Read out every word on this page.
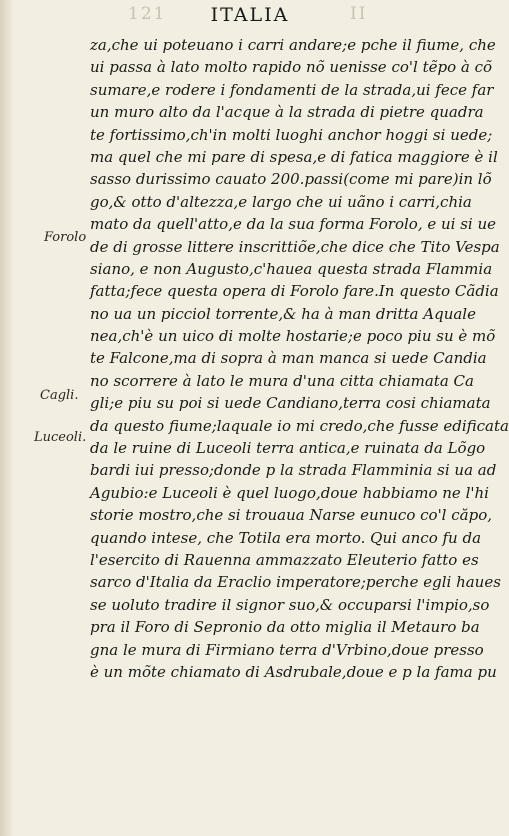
121 ITALIA	II
Forolo
Cagli.
Luceoli.
za,che ui poteuano i carri andare;e pche il fiume, che
ui passa à lato molto rapido nõ uenisse co'l tẽpo à cõ
sumare,e rodere i fondamenti de la strada,ui fece far
un muro alto da l'acque à la strada di pietre quadra
te fortissimo,ch'in molti luoghi anchor hoggi si uede;
ma quel che mi pare di spesa,e di fatica maggiore è il
sasso durissimo cauato 200.passi(come mi pare)in lõ
go,& otto d'altezza,e largo che ui uãno i carri,chia
mato da quell'atto,e da la sua forma Forolo, e ui si ue
de di grosse littere inscrittiõe,che dice che Tito Vespa
siano, e non Augusto,c'hauea questa strada Flammia
fatta;fece questa opera di Forolo fare.In questo Cãdia
no ua un picciol torrente,& ha à man dritta Aquale
nea,ch'è un uico di molte hostarie;e poco piu su è mõ
te Falcone,ma di sopra à man manca si uede Candia
no scorrere à lato le mura d'una citta chiamata Ca
gli;e piu su poi si uede Candiano,terra cosi chiamata
da questo fiume;laquale io mi credo,che fusse edificata
da le ruine di Luceoli terra antica,e ruinata da Lõgo
bardi iui presso;donde p la strada Flamminia si ua ad
Agubio:e Luceoli è quel luogo,doue habbiamo ne l'hi
storie mostro,che si trouaua Narse eunuco co'l căpo,
quando intese, che Totila era morto. Qui anco fu da
l'esercito di Rauenna ammazzato Eleuterio fatto es
sarco d'Italia da Eraclio imperatore;perche egli haues
se uoluto tradire il signor suo,& occuparsi l'impio,so
pra il Foro di Sepronio da otto miglia il Metauro ba
gna le mura di Firmiano terra d'Vrbino,doue presso
è un mõte chiamato di Asdrubale,doue e p la fama pu
